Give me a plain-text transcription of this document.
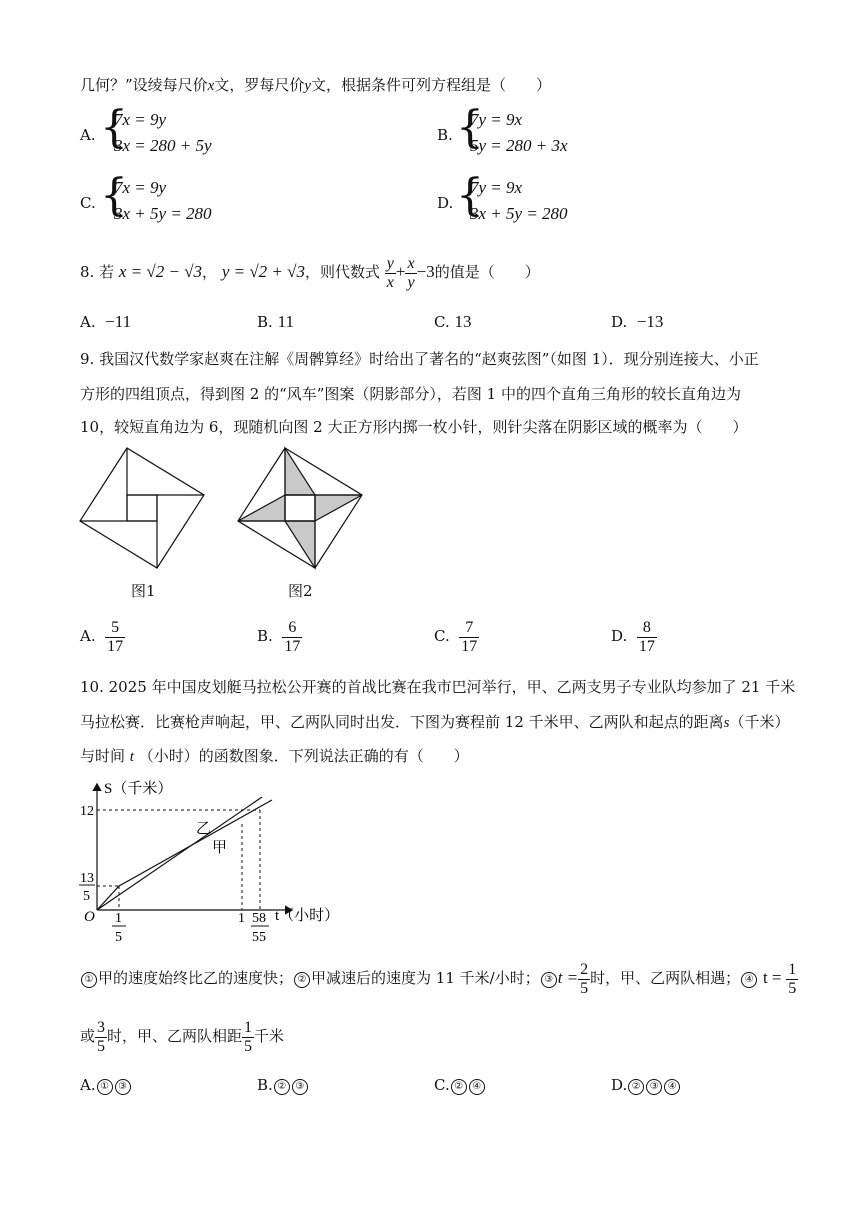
几何？”设绫每尺价x文，罗每尺价y文，根据条件可列方程组是（　　）
A. {
7x = 9y
3x = 280 + 5y
B. {
7y = 9x
5y = 280 + 3x
C. {
7x = 9y
3x + 5y = 280
D. {
7y = 9x
3x + 5y = 280
8. 若 x = √2 − √3， y = √2 + √3，则代数式 $\frac{y}{x} + \frac{x}{y} -3$的值是（　　）
A. −11	B. 11	C. 13	D. −13
9. 我国汉代数学家赵爽在注解《周髀算经》时给出了著名的“赵爽弦图”（如图 1）．现分别连接大、小正
方形的四组顶点，得到图 2 的“风车”图案（阴影部分），若图 1 中的四个直角三角形的较长直角边为
10，较短直角边为 6，现随机向图 2 大正方形内掷一枚小针，则针尖落在阴影区域的概率为（　　）
图1	图2
A. $\frac{5}{17}$	B. $\frac{6}{17}$	C. $\frac{7}{17}$	D. $\frac{8}{17}$
10. 2025 年中国皮划艇马拉松公开赛的首战比赛在我市巴河举行，甲、乙两支男子专业队均参加了 21 千米
马拉松赛．比赛枪声响起，甲、乙两队同时出发．下图为赛程前 12 千米甲、乙两队和起点的距离s（千米）
与时间 t （小时）的函数图象．下列说法正确的有（　　）
S（千米）
12
13
5
O 1
5
1 58
55
t（小时）
乙
甲
① 甲的速度始终比乙的速度快； ② 甲减速后的速度为 11 千米/小时； ③ $t = \frac{2}{5}$ 时，甲、乙两队相遇； ④ $t = \frac{1}{5}$
或 $\frac{3}{5}$ 时，甲、乙两队相距 $\frac{1}{5}$ 千米
A. ① ③	B. ② ③	C. ② ④	D. ② ③ ④
